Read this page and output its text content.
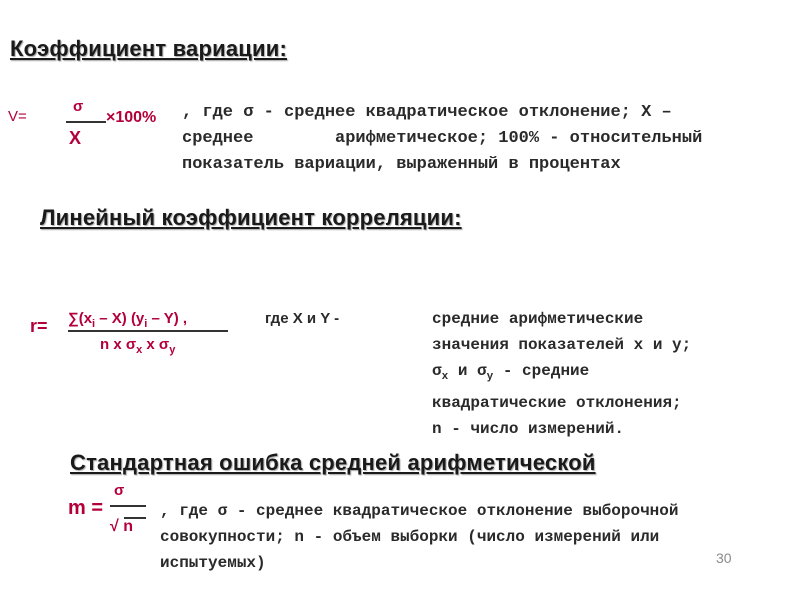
Коэффициент вариации:
V=
σ
X
×100% , где σ - среднее квадратическое отклонение; X –
среднее        арифметическое; 100% - относительный
показатель вариации, выраженный в процентах
Линейный коэффициент корреляции:
$r= \sum(x_i - X)$ $(y_i - Y)$ ,
n x $\sigma_x$ x $\sigma_y$
где X и Y -	средние арифметические
значения показателей x и y;
$\sigma_x$ и $\sigma_y$ - средние
квадратические отклонения;
n - число измерений.
Стандартная ошибка средней арифметической
m =
σ
√ n
, где σ - среднее квадратическое отклонение выборочной
совокупности; n - объем выборки (число измерений или
испытуемых)	30
